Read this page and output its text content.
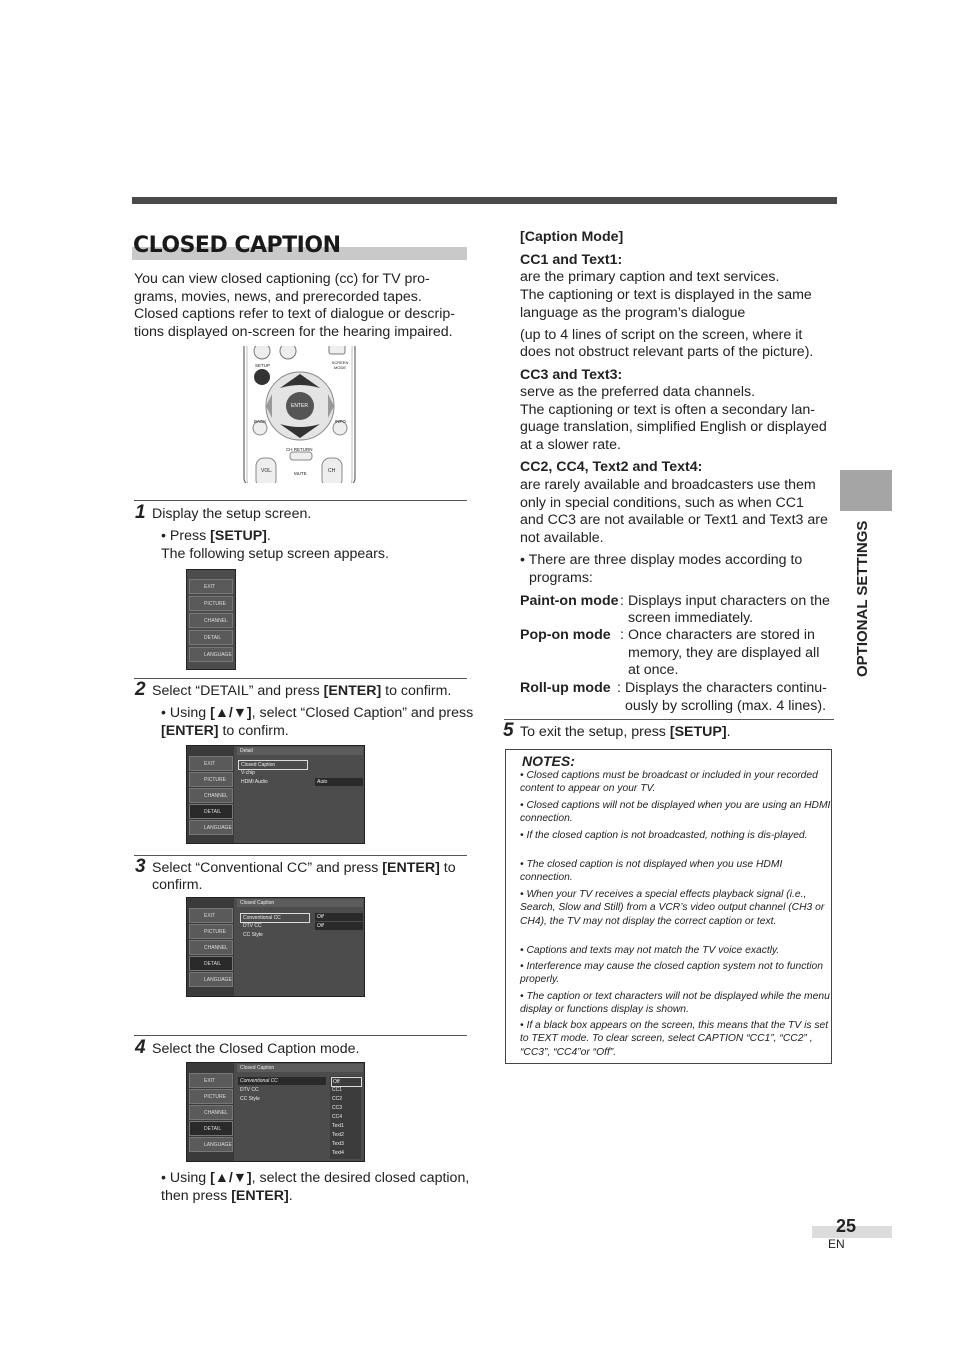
CLOSED CAPTION
You can view closed captioning (cc) for TV pro-grams, movies, news, and prerecorded tapes. Closed captions refer to text of dialogue or descrip-tions displayed on-screen for the hearing impaired.
SETUP
SCREEN MODE
ENTER
BACK	INFO
CH RETURN
VOL.	MUTE	CH
1 Display the setup screen.
• Press [SETUP].
The following setup screen appears.
EXIT
PICTURE
CHANNEL
DETAIL
LANGUAGE
2 Select “DETAIL” and press [ENTER] to confirm.
• Using [▲/▼], select “Closed Caption” and press
[ENTER] to confirm.
EXIT
PICTURE
CHANNEL
DETAIL
LANGUAGE
Detail
Closed Caption
V-chip
HDMI Audio	Auto
3 Select “Conventional CC” and press [ENTER] to
confirm.
EXIT
PICTURE
CHANNEL
DETAIL
LANGUAGE
Closed Caption
Conventional CC
DTV CC
CC Style
Off
Off
4 Select the Closed Caption mode.
EXIT
PICTURE
CHANNEL
DETAIL
LANGUAGE
Closed Caption
Conventional CC
DTV CC
CC Style
Off
CC1
CC2
CC3
CC4
Text1
Text2
Text3
Text4
• Using [▲/▼], select the desired closed caption,
then press [ENTER].
[Caption Mode]
CC1 and Text1:
are the primary caption and text services.
The captioning or text is displayed in the same
language as the program’s dialogue
(up to 4 lines of script on the screen, where it
does not obstruct relevant parts of the picture).
CC3 and Text3:
serve as the preferred data channels.
The captioning or text is often a secondary lan-
guage translation, simplified English or displayed
at a slower rate.
CC2, CC4, Text2 and Text4:
are rarely available and broadcasters use them
only in special conditions, such as when CC1
and CC3 are not available or Text1 and Text3 are
not available.
• There are three display modes according to
programs:
Paint-on mode : Displays input characters on the
screen immediately.
Pop-on mode : Once characters are stored in
memory, they are displayed all
at once.
Roll-up mode : Displays the characters continu-
ously by scrolling (max. 4 lines).
5 To exit the setup, press [SETUP].
NOTES:
• Closed captions must be broadcast or included in your recorded content to appear on your TV.
• Closed captions will not be displayed when you are using an HDMI connection.
• If the closed caption is not broadcasted, nothing is dis-played.
• The closed caption is not displayed when you use HDMI connection.
• When your TV receives a special effects playback signal (i.e., Search, Slow and Still) from a VCR’s video output channel (CH3 or CH4), the TV may not display the correct caption or text.
• Captions and texts may not match the TV voice exactly.
• Interference may cause the closed caption system not to function properly.
• The caption or text characters will not be displayed while the menu display or functions display is shown.
• If a black box appears on the screen, this means that the TV is set to TEXT mode. To clear screen, select CAPTION “CC1”, “CC2” , “CC3”, “CC4”or “Off”.
OPTIONAL SETTINGS
25
EN
